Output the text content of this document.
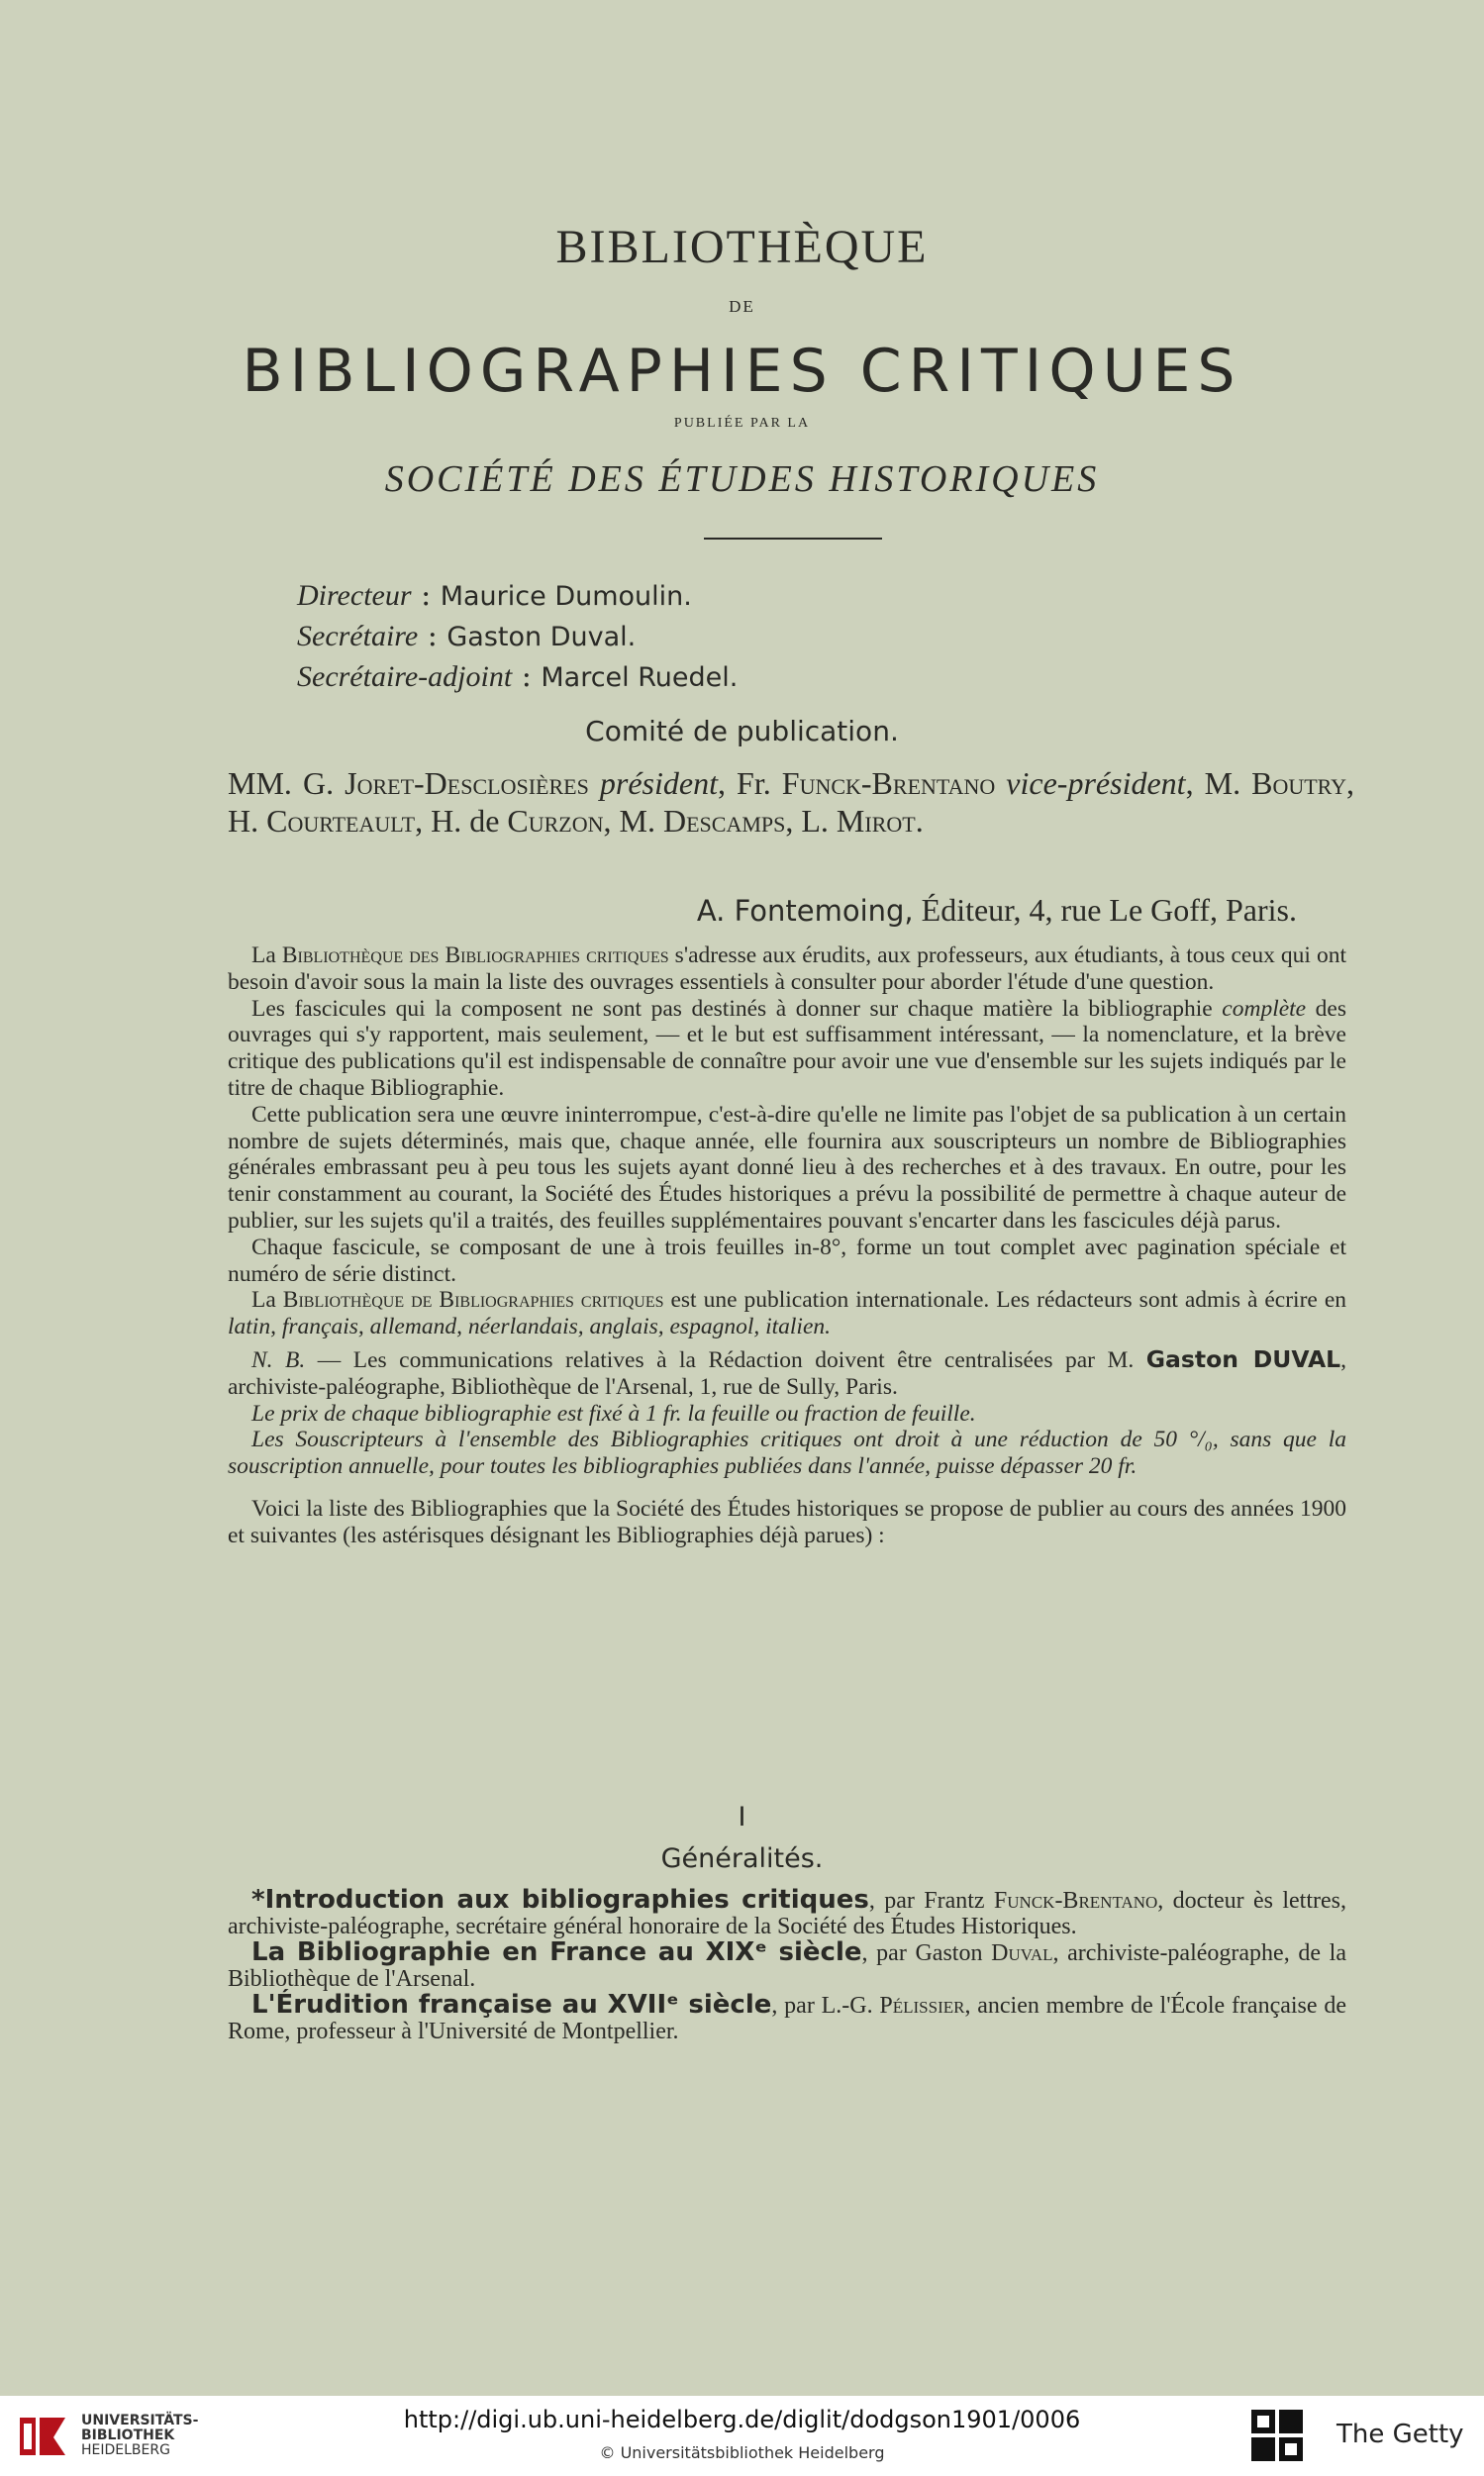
BIBLIOTHÈQUE
DE
BIBLIOGRAPHIES CRITIQUES
PUBLIÉE PAR LA
SOCIÉTÉ DES ÉTUDES HISTORIQUES
Directeur : Maurice Dumoulin.
Secrétaire : Gaston Duval.
Secrétaire-adjoint : Marcel Ruedel.
Comité de publication.
MM. G. Joret-Desclosières président, Fr. Funck-Brentano vice-président, M. Boutry, H. Courteault, H. de Curzon, M. Descamps, L. Mirot.
A. Fontemoing, Éditeur, 4, rue Le Goff, Paris.

La Bibliothèque des Bibliographies critiques s'adresse aux érudits, aux professeurs, aux étudiants, à tous ceux qui ont besoin d'avoir sous la main la liste des ouvrages essentiels à consulter pour aborder l'étude d'une question.

Les fascicules qui la composent ne sont pas destinés à donner sur chaque matière la bibliographie complète des ouvrages qui s'y rapportent, mais seulement, — et le but est suffisamment intéressant, — la nomenclature, et la brève critique des publications qu'il est indispensable de connaître pour avoir une vue d'ensemble sur les sujets indiqués par le titre de chaque Bibliographie.

Cette publication sera une œuvre ininterrompue, c'est-à-dire qu'elle ne limite pas l'objet de sa publication à un certain nombre de sujets déterminés, mais que, chaque année, elle fournira aux souscripteurs un nombre de Bibliographies générales embrassant peu à peu tous les sujets ayant donné lieu à des recherches et à des travaux. En outre, pour les tenir constamment au courant, la Société des Études historiques a prévu la possibilité de permettre à chaque auteur de publier, sur les sujets qu'il a traités, des feuilles supplémentaires pouvant s'encarter dans les fascicules déjà parus.

Chaque fascicule, se composant de une à trois feuilles in-8°, forme un tout complet avec pagination spéciale et numéro de série distinct.

La Bibliothèque de Bibliographies critiques est une publication internationale. Les rédacteurs sont admis à écrire en latin, français, allemand, néerlandais, anglais, espagnol, italien.

N. B. — Les communications relatives à la Rédaction doivent être centralisées par M. Gaston DUVAL, archiviste-paléographe, Bibliothèque de l'Arsenal, 1, rue de Sully, Paris.

Le prix de chaque bibliographie est fixé à 1 fr. la feuille ou fraction de feuille.

Les Souscripteurs à l'ensemble des Bibliographies critiques ont droit à une réduction de 50 °/₀, sans que la souscription annuelle, pour toutes les bibliographies publiées dans l'année, puisse dépasser 20 fr.

Voici la liste des Bibliographies que la Société des Études historiques se propose de publier au cours des années 1900 et suivantes (les astérisques désignant les Bibliographies déjà parues) :

I
Généralités.

*Introduction aux bibliographies critiques, par Frantz Funck-Brentano, docteur ès lettres, archiviste-paléographe, secrétaire général honoraire de la Société des Études Historiques.

La Bibliographie en France au XIXᵉ siècle, par Gaston Duval, archiviste-paléographe, de la Bibliothèque de l'Arsenal.

L'Érudition française au XVIIᵉ siècle, par L.-G. Pélissier, ancien membre de l'École française de Rome, professeur à l'Université de Montpellier.

UNIVERSITÄTS-
BIBLIOTHEK
HEIDELBERG
http://digi.ub.uni-heidelberg.de/diglit/dodgson1901/0006
© Universitätsbibliothek Heidelberg
The Getty
